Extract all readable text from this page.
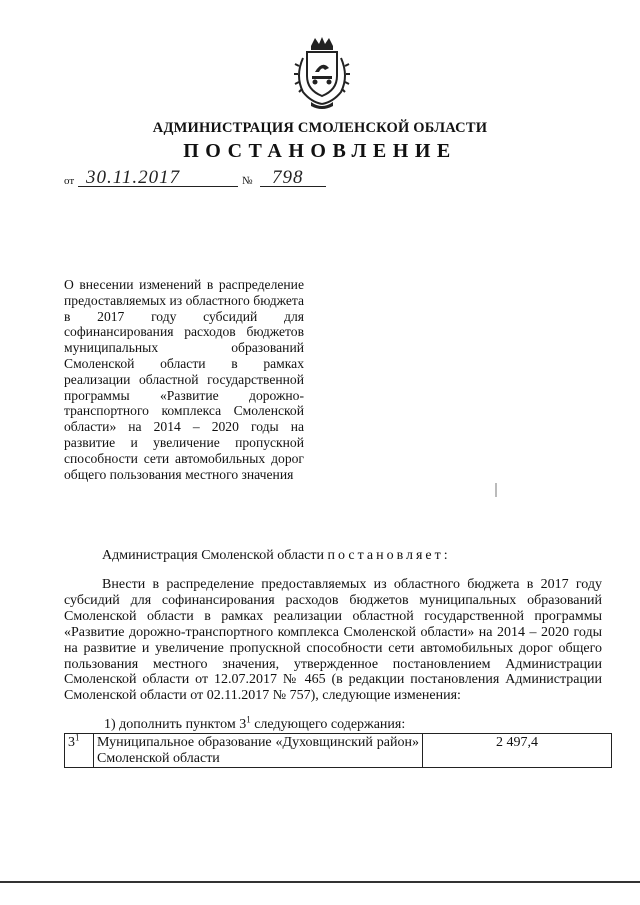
АДМИНИСТРАЦИЯ СМОЛЕНСКОЙ ОБЛАСТИ
ПОСТАНОВЛЕНИЕ
от 30.11.2017	№ 798
О внесении изменений в распределение предоставляемых из областного бюджета в 2017 году субсидий для софинансирования расходов бюджетов муниципальных образований Смоленской области в рамках реализации областной государственной программы «Развитие дорожно-транспортного комплекса Смоленской области» на 2014 – 2020 годы на развитие и увеличение пропускной способности сети автомобильных дорог общего пользования местного значения
Администрация Смоленской области постановляет:

Внести в распределение предоставляемых из областного бюджета в 2017 году субсидий для софинансирования расходов бюджетов муниципальных образований Смоленской области в рамках реализации областной государственной программы «Развитие дорожно-транспортного комплекса Смоленской области» на 2014 – 2020 годы на развитие и увеличение пропускной способности сети автомобильных дорог общего пользования местного значения, утвержденное постановлением Администрации Смоленской области от 12.07.2017 № 465 (в редакции постановления Администрации Смоленской области от 02.11.2017 № 757), следующие изменения:

1) дополнить пунктом $3^1$ следующего содержания:
$3^1$	Муниципальное образование «Духовщинский район» Смоленской области	2 497,4
